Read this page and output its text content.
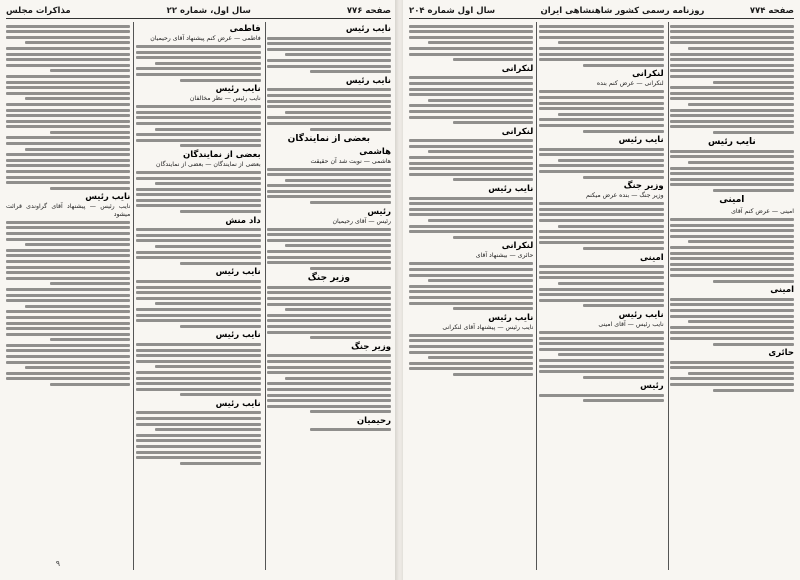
صفحه ۷۷۶
سال اول، شماره ۲۲
مذاكرات مجلس
نایب رئیس
نایب رئیس
بعضی از نمایندگان
هاشمی
هاشمی — نوبت شد آن حقیقت
رئیس
رئیس — آقای رحیمیان
وزیر جنگ
وزیر جنگ
رحیمیان
فاطمی
فاطمی — عرض کنم پیشنهاد آقای رحیمیان
نایب رئیس
نایب رئیس — نظر مخالفان
بعضی از نمایندگان
بعضی از نمایندگان — بعضی از نمایندگان
داد منش
نایب رئیس
نایب رئیس
نایب رئیس
نایب رئیس
نایب رئیس — پیشنهاد آقای گراوندی قرائت میشود
۹
صفحه ۷۷۴
روزنامه رسمی کشور شاهنشاهی ایران
سال اول شماره ۲۰۴
نایب رئیس
امینی
امینی — عرض کنم آقای
امینی
حائری
لنکرانی
لنکرانی — عرض کنم بنده
نایب رئیس
وزیر جنگ
وزیر جنگ — بنده عرض میکنم
امینی
نایب رئیس
نایب رئیس — آقای امینی
رئیس
لنکرانی
لنکرانی
نایب رئیس
لنکرانی
حائری — بیشنهاد آقای
نایب رئیس
نایب رئیس — پیشنهاد آقای لنکرانی
